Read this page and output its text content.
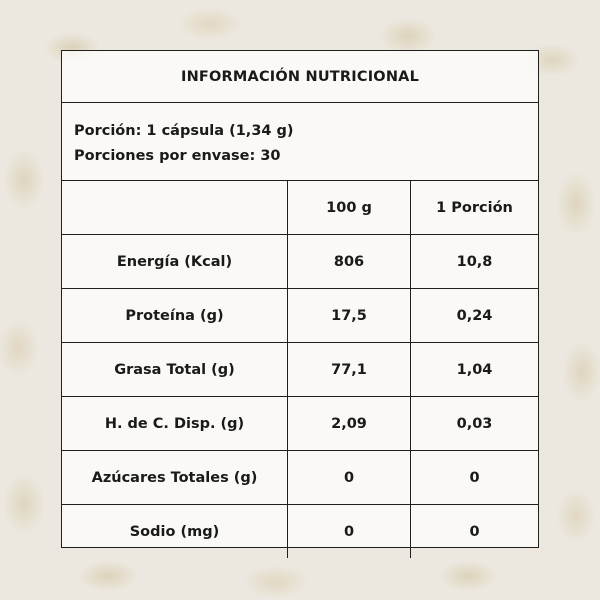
INFORMACIÓN NUTRICIONAL
Porción: 1 cápsula (1,34 g)
Porciones por envase: 30
	100 g	1 Porción
Energía (Kcal)	806	10,8
Proteína (g)	17,5	0,24
Grasa Total (g)	77,1	1,04
H. de C. Disp. (g)	2,09	0,03
Azúcares Totales (g)	0	0
Sodio (mg)	0	0
